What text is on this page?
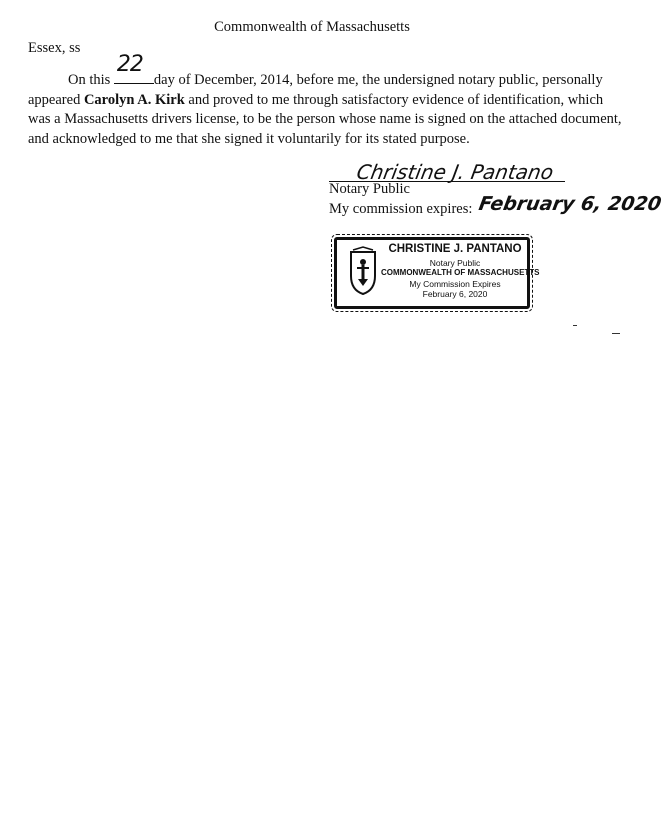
Commonwealth of Massachusetts
Essex, ss
On this
22
day of December, 2014, before me, the undersigned notary public, personally
appeared Carolyn A. Kirk and proved to me through satisfactory evidence of identification, which
was a Massachusetts drivers license, to be the person whose name is signed on the attached document,
and acknowledged to me that she signed it voluntarily for its stated purpose.
Christine J. Pantano
Notary Public
My commission expires: February 6, 2020
CHRISTINE J. PANTANO
Notary Public
COMMONWEALTH OF MASSACHUSETTS
My Commission Expires
February 6, 2020
